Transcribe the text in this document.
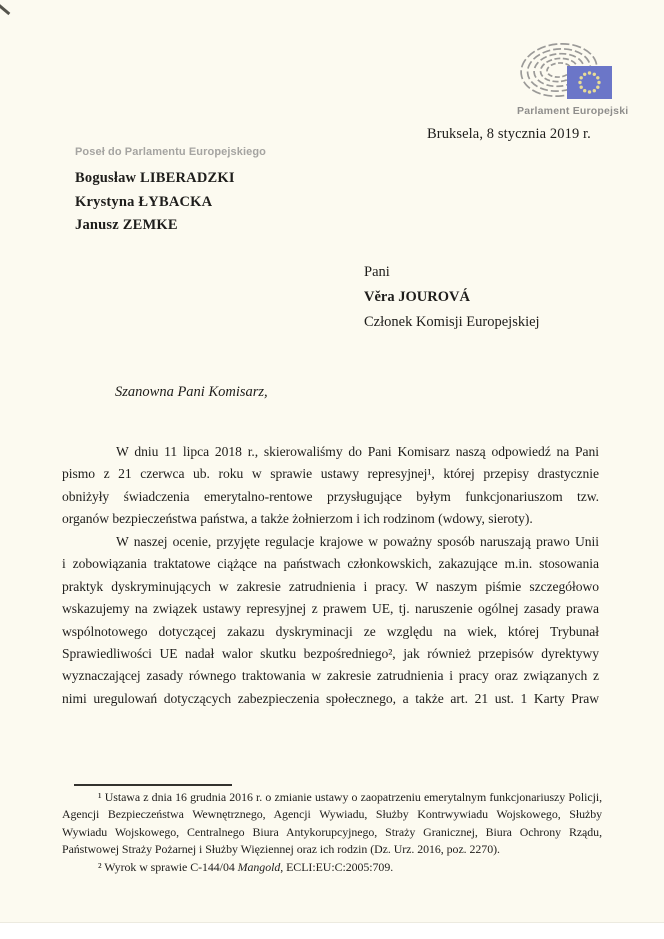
Parlament Europejski
Bruksela, 8 stycznia 2019 r.
Poseł do Parlamentu Europejskiego
Bogusław LIBERADZKI
Krystyna ŁYBACKA
Janusz ZEMKE
Pani
Věra JOUROVÁ
Członek Komisji Europejskiej
Szanowna Pani Komisarz,
W dniu 11 lipca 2018 r., skierowaliśmy do Pani Komisarz naszą odpowiedź na Pani
pismo z 21 czerwca ub. roku w sprawie ustawy represyjnej¹, której przepisy drastycznie
obniżyły świadczenia emerytalno-rentowe przysługujące byłym funkcjonariuszom tzw.
organów bezpieczeństwa państwa, a także żołnierzom i ich rodzinom (wdowy, sieroty).
W naszej ocenie, przyjęte regulacje krajowe w poważny sposób naruszają prawo Unii
i zobowiązania traktatowe ciążące na państwach członkowskich, zakazujące m.in. stosowania
praktyk dyskryminujących w zakresie zatrudnienia i pracy. W naszym piśmie szczegółowo
wskazujemy na związek ustawy represyjnej z prawem UE, tj. naruszenie ogólnej zasady prawa
wspólnotowego dotyczącej zakazu dyskryminacji ze względu na wiek, której Trybunał
Sprawiedliwości UE nadał walor skutku bezpośredniego², jak również przepisów dyrektywy
wyznaczającej zasady równego traktowania w zakresie zatrudnienia i pracy oraz związanych z
nimi uregulowań dotyczących zabezpieczenia społecznego, a także art. 21 ust. 1 Karty Praw
¹ Ustawa z dnia 16 grudnia 2016 r. o zmianie ustawy o zaopatrzeniu emerytalnym funkcjonariuszy Policji,
Agencji Bezpieczeństwa Wewnętrznego, Agencji Wywiadu, Służby Kontrwywiadu Wojskowego, Służby
Wywiadu Wojskowego, Centralnego Biura Antykorupcyjnego, Straży Granicznej, Biura Ochrony Rządu,
Państwowej Straży Pożarnej i Służby Więziennej oraz ich rodzin (Dz. Urz. 2016, poz. 2270).
² Wyrok w sprawie C-144/04 Mangold, ECLI:EU:C:2005:709.
